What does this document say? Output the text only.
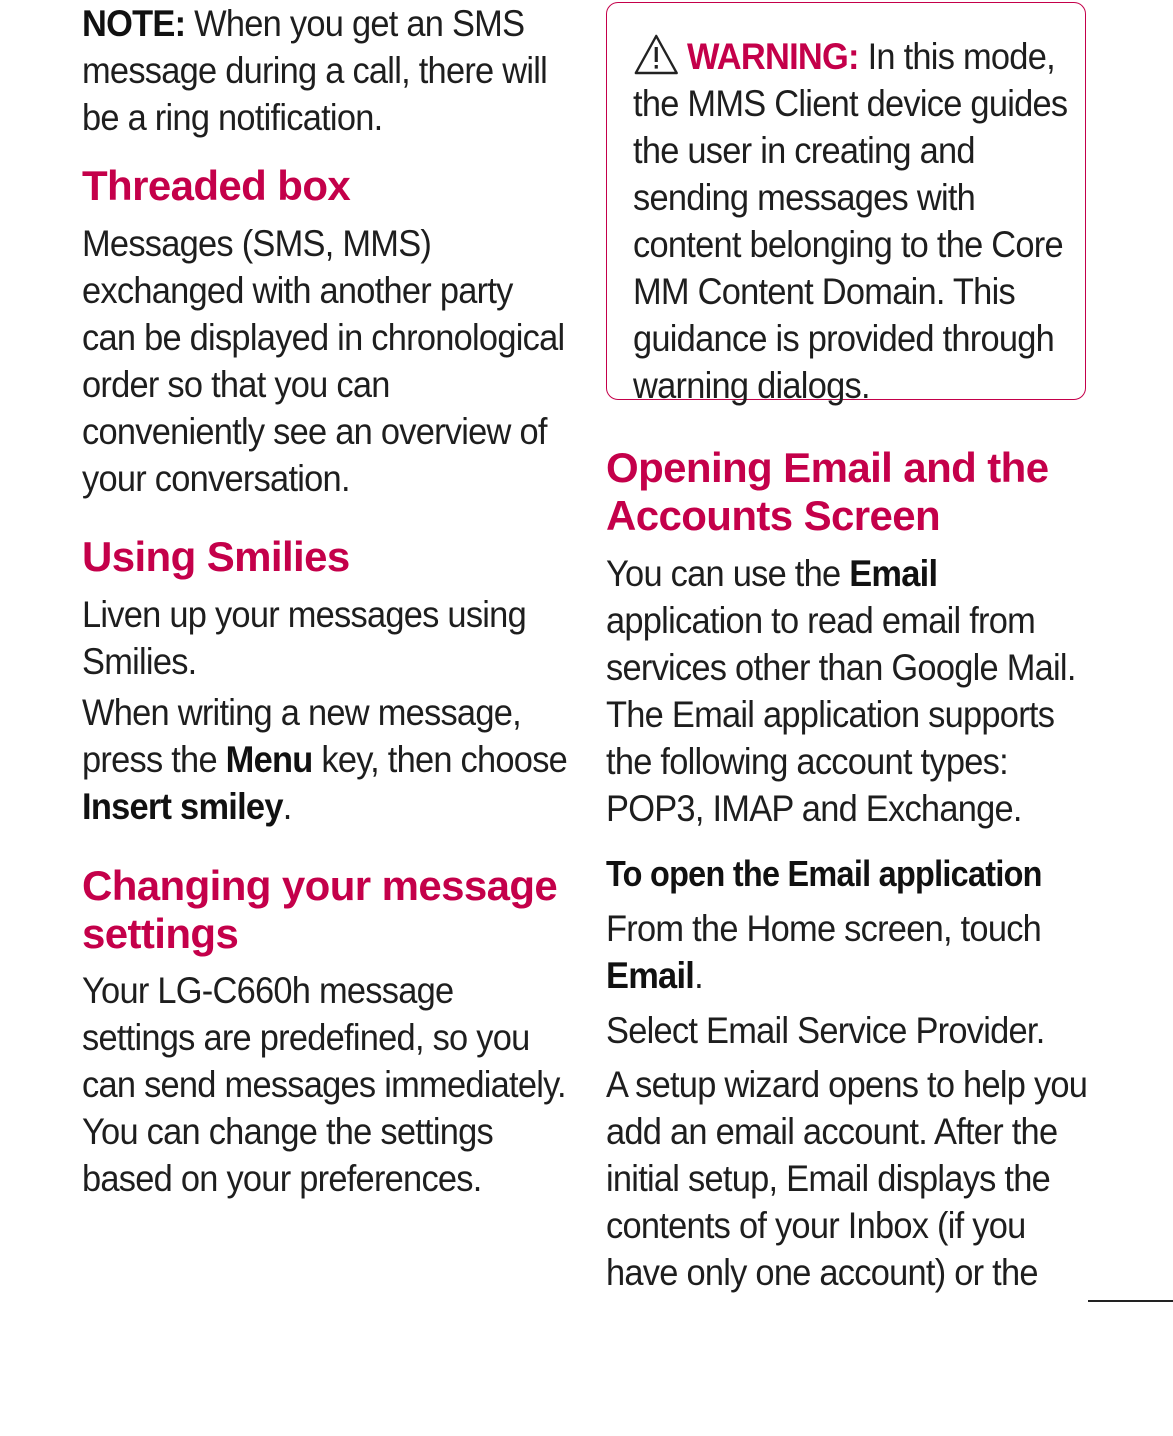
NOTE: When you get an SMS message during a call, there will be a ring notification.

Threaded box

Messages (SMS, MMS) exchanged with another party can be displayed in chronological order so that you can conveniently see an overview of your conversation.

Using Smilies

Liven up your messages using Smilies.

When writing a new message, press the Menu key, then choose Insert smiley.

Changing your message settings

Your LG-C660h message settings are predefined, so you can send messages immediately. You can change the settings based on your preferences.

WARNING: In this mode, the MMS Client device guides the user in creating and sending messages with content belonging to the Core MM Content Domain. This guidance is provided through warning dialogs.

Opening Email and the Accounts Screen

You can use the Email application to read email from services other than Google Mail. The Email application supports the following account types: POP3, IMAP and Exchange.

To open the Email application

From the Home screen, touch Email.

Select Email Service Provider.

A setup wizard opens to help you add an email account. After the initial setup, Email displays the contents of your Inbox (if you have only one account) or the
